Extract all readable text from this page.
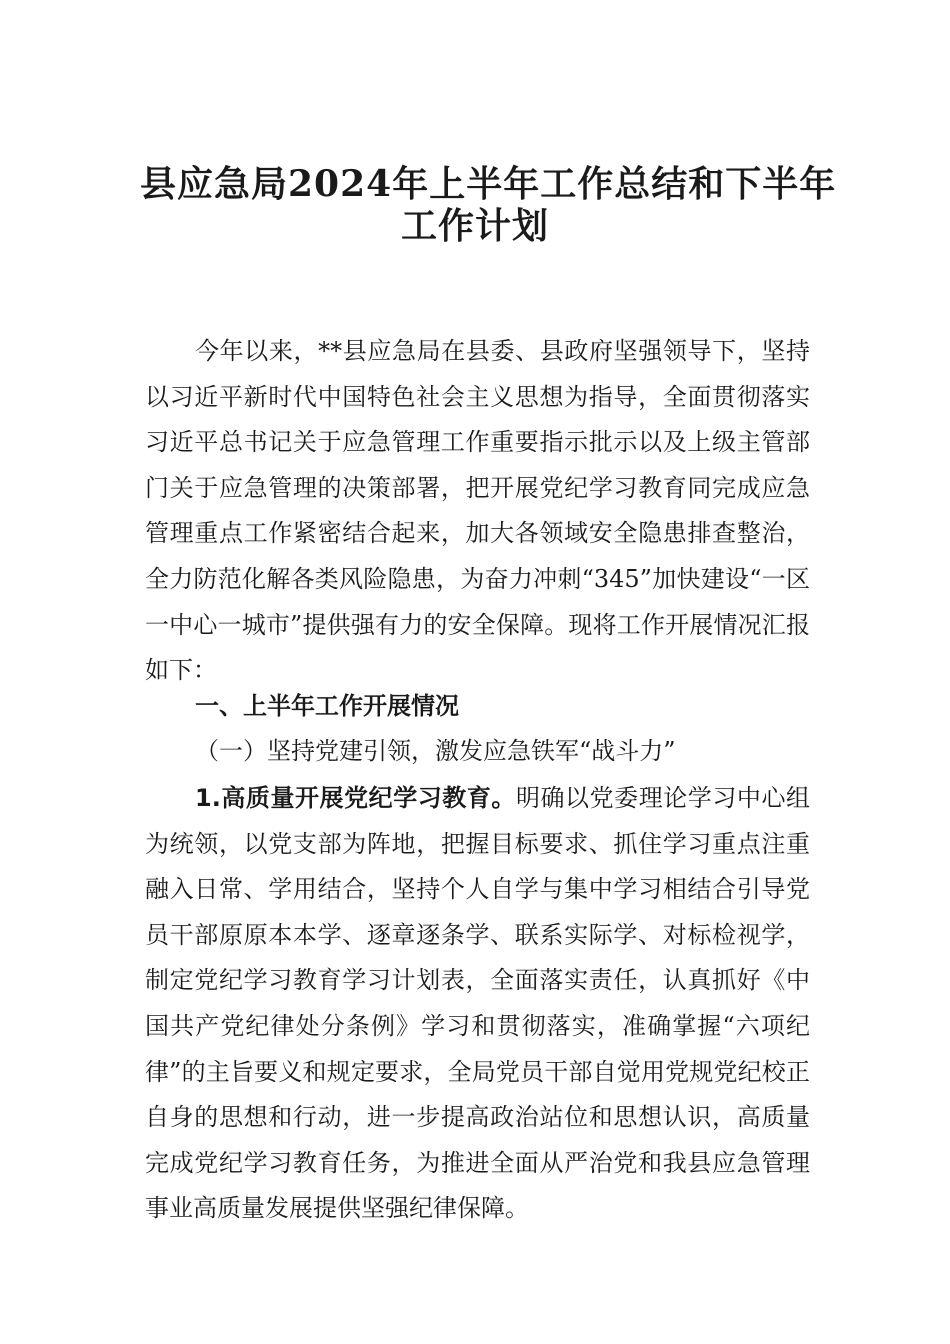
县应急局2024年上半年工作总结和下半年
工作计划

今年以来，**县应急局在县委、县政府坚强领导下，坚持以习近平新时代中国特色社会主义思想为指导，全面贯彻落实习近平总书记关于应急管理工作重要指示批示以及上级主管部门关于应急管理的决策部署，把开展党纪学习教育同完成应急管理重点工作紧密结合起来，加大各领域安全隐患排查整治，全力防范化解各类风险隐患，为奋力冲刺“345”加快建设“一区一中心一城市”提供强有力的安全保障。现将工作开展情况汇报如下：

一、上半年工作开展情况
（一）坚持党建引领，激发应急铁军“战斗力”

1.高质量开展党纪学习教育。明确以党委理论学习中心组为统领，以党支部为阵地，把握目标要求、抓住学习重点注重融入日常、学用结合，坚持个人自学与集中学习相结合引导党员干部原原本本学、逐章逐条学、联系实际学、对标检视学，制定党纪学习教育学习计划表，全面落实责任，认真抓好《中国共产党纪律处分条例》学习和贯彻落实，准确掌握“六项纪律”的主旨要义和规定要求，全局党员干部自觉用党规党纪校正自身的思想和行动，进一步提高政治站位和思想认识，高质量完成党纪学习教育任务，为推进全面从严治党和我县应急管理事业高质量发展提供坚强纪律保障。
